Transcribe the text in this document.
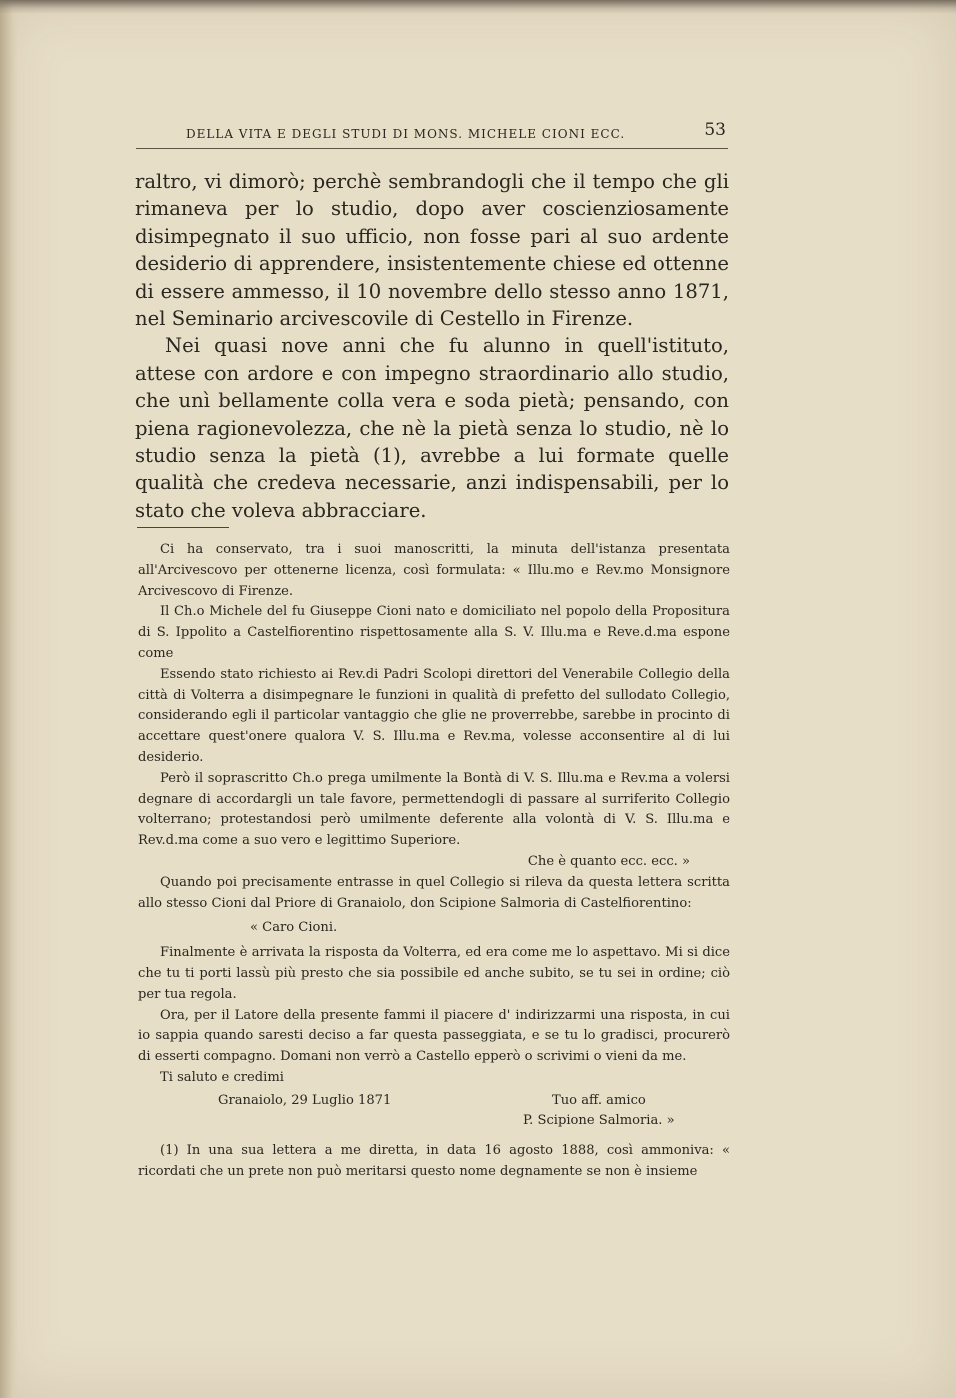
DELLA VITA E DEGLI STUDI DI MONS. MICHELE CIONI ECC.	53

raltro, vi dimorò; perchè sembrandogli che il tempo che gli rimaneva per lo studio, dopo aver coscienziosamente disimpegnato il suo ufficio, non fosse pari al suo ardente desiderio di apprendere, insistentemente chiese ed ottenne di essere ammesso, il 10 novembre dello stesso anno 1871, nel Seminario arcivescovile di Cestello in Firenze.

Nei quasi nove anni che fu alunno in quell'istituto, attese con ardore e con impegno straordinario allo studio, che unì bellamente colla vera e soda pietà; pensando, con piena ragionevolezza, che nè la pietà senza lo studio, nè lo studio senza la pietà (1), avrebbe a lui formate quelle qualità che credeva necessarie, anzi indispensabili, per lo stato che voleva abbracciare.

Ci ha conservato, tra i suoi manoscritti, la minuta dell'istanza presentata all'Arcivescovo per ottenerne licenza, così formulata: « Illu.mo e Rev.mo Monsignore Arcivescovo di Firenze.

Il Ch.o Michele del fu Giuseppe Cioni nato e domiciliato nel popolo della Propositura di S. Ippolito a Castelfiorentino rispettosamente alla S. V. Illu.ma e Reve.d.ma espone come

Essendo stato richiesto ai Rev.di Padri Scolopi direttori del Venerabile Collegio della città di Volterra a disimpegnare le funzioni in qualità di prefetto del sullodato Collegio, considerando egli il particolar vantaggio che glie ne proverrebbe, sarebbe in procinto di accettare quest'onere qualora V. S. Illu.ma e Rev.ma, volesse acconsentire al di lui desiderio.

Però il soprascritto Ch.o prega umilmente la Bontà di V. S. Illu.ma e Rev.ma a volersi degnare di accordargli un tale favore, permettendogli di passare al surriferito Collegio volterrano; protestandosi però umilmente deferente alla volontà di V. S. Illu.ma e Rev.d.ma come a suo vero e legittimo Superiore.

Che è quanto ecc. ecc. »

Quando poi precisamente entrasse in quel Collegio si rileva da questa lettera scritta allo stesso Cioni dal Priore di Granaiolo, don Scipione Salmoria di Castelfiorentino:

« Caro Cioni.

Finalmente è arrivata la risposta da Volterra, ed era come me lo aspettavo. Mi si dice che tu ti porti lassù più presto che sia possibile ed anche subito, se tu sei in ordine; ciò per tua regola.

Ora, per il Latore della presente fammi il piacere d' indirizzarmi una risposta, in cui io sappia quando saresti deciso a far questa passeggiata, e se tu lo gradisci, procurerò di esserti compagno. Domani non verrò a Castello epperò o scrivimi o vieni da me.

Ti saluto e credimi

Granaiolo, 29 Luglio 1871	Tuo aff. amico
P. Scipione Salmoria. »

(1) In una sua lettera a me diretta, in data 16 agosto 1888, così ammoniva: « ricordati che un prete non può meritarsi questo nome degnamente se non è insieme
